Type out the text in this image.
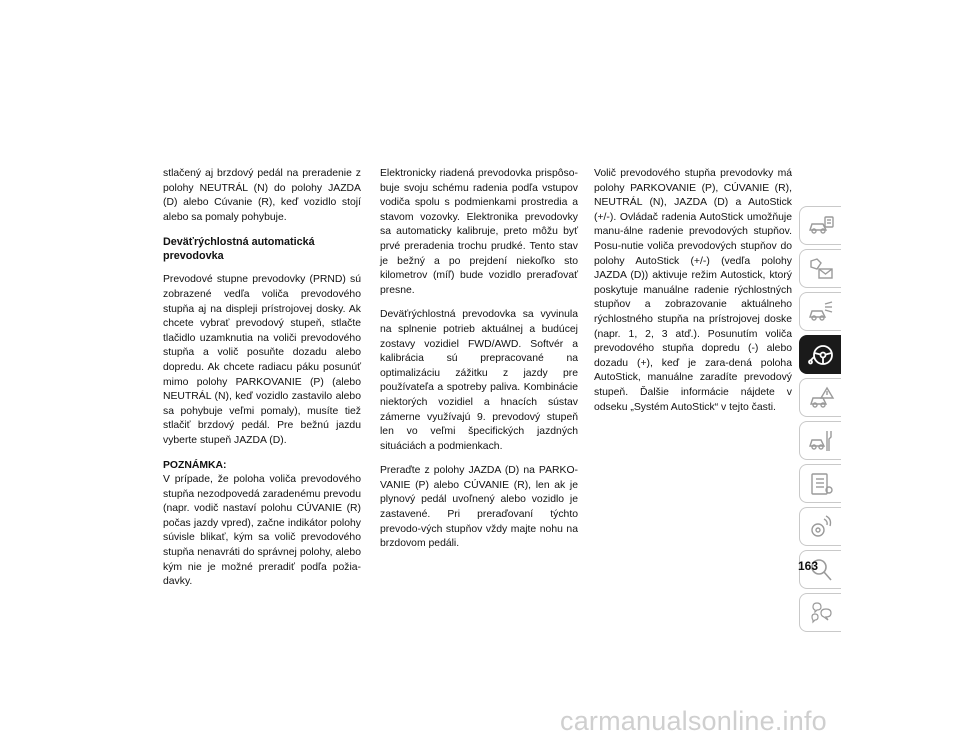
stlačený aj brzdový pedál na preradenie z polohy NEUTRÁL (N) do polohy JAZDA (D) alebo Cúvanie (R), keď vozidlo stojí alebo sa pomaly pohybuje.

Deväťrýchlostná automatická prevodovka

Prevodové stupne prevodovky (PRND) sú zobrazené vedľa voliča prevodového stupňa aj na displeji prístrojovej dosky. Ak chcete vybrať prevodový stupeň, stlačte tlačidlo uzamknutia na voliči prevodového stupňa a volič posuňte dozadu alebo dopredu. Ak chcete radiacu páku posunúť mimo polohy PARKOVANIE (P) (alebo NEUTRÁL (N), keď vozidlo zastavilo alebo sa pohybuje veľmi pomaly), musíte tiež stlačiť brzdový pedál. Pre bežnú jazdu vyberte stupeň JAZDA (D).

POZNÁMKA:
V prípade, že poloha voliča prevodového stupňa nezodpovedá zaradenému prevodu (napr. vodič nastaví polohu CÚVANIE (R) počas jazdy vpred), začne indikátor polohy súvisle blikať, kým sa volič prevodového stupňa nenavráti do správnej polohy, alebo kým nie je možné preradiť podľa požia-davky.

Elektronicky riadená prevodovka prispôso-buje svoju schému radenia podľa vstupov vodiča spolu s podmienkami prostredia a stavom vozovky. Elektronika prevodovky sa automaticky kalibruje, preto môžu byť prvé preradenia trochu prudké. Tento stav je bežný a po prejdení niekoľko sto kilometrov (míľ) bude vozidlo preraďovať presne.

Deväťrýchlostná prevodovka sa vyvinula na splnenie potrieb aktuálnej a budúcej zostavy vozidiel FWD/AWD. Softvér a kalibrácia sú prepracované na optimalizáciu zážitku z jazdy pre používateľa a spotreby paliva. Kombinácie niektorých vozidiel a hnacích sústav zámerne využívajú 9. prevodový stupeň len vo veľmi špecifických jazdných situáciách a podmienkach.

Preraďte z polohy JAZDA (D) na PARKO-VANIE (P) alebo CÚVANIE (R), len ak je plynový pedál uvoľnený alebo vozidlo je zastavené. Pri preraďovaní týchto prevodo-vých stupňov vždy majte nohu na brzdovom pedáli.

Volič prevodového stupňa prevodovky má polohy PARKOVANIE (P), CÚVANIE (R), NEUTRÁL (N), JAZDA (D) a AutoStick (+/-). Ovládač radenia AutoStick umožňuje manu-álne radenie prevodových stupňov. Posu-nutie voliča prevodových stupňov do polohy AutoStick (+/-) (vedľa polohy JAZDA (D)) aktivuje režim Autostick, ktorý poskytuje manuálne radenie rýchlostných stupňov a zobrazovanie aktuálneho rýchlostného stupňa na prístrojovej doske (napr. 1, 2, 3 atď.). Posunutím voliča prevodového stupňa dopredu (-) alebo dozadu (+), keď je zara-dená poloha AutoStick, manuálne zaradíte prevodový stupeň. Ďalšie informácie nájdete v odseku „Systém AutoStick“ v tejto časti.

163
carmanualsonline.info
